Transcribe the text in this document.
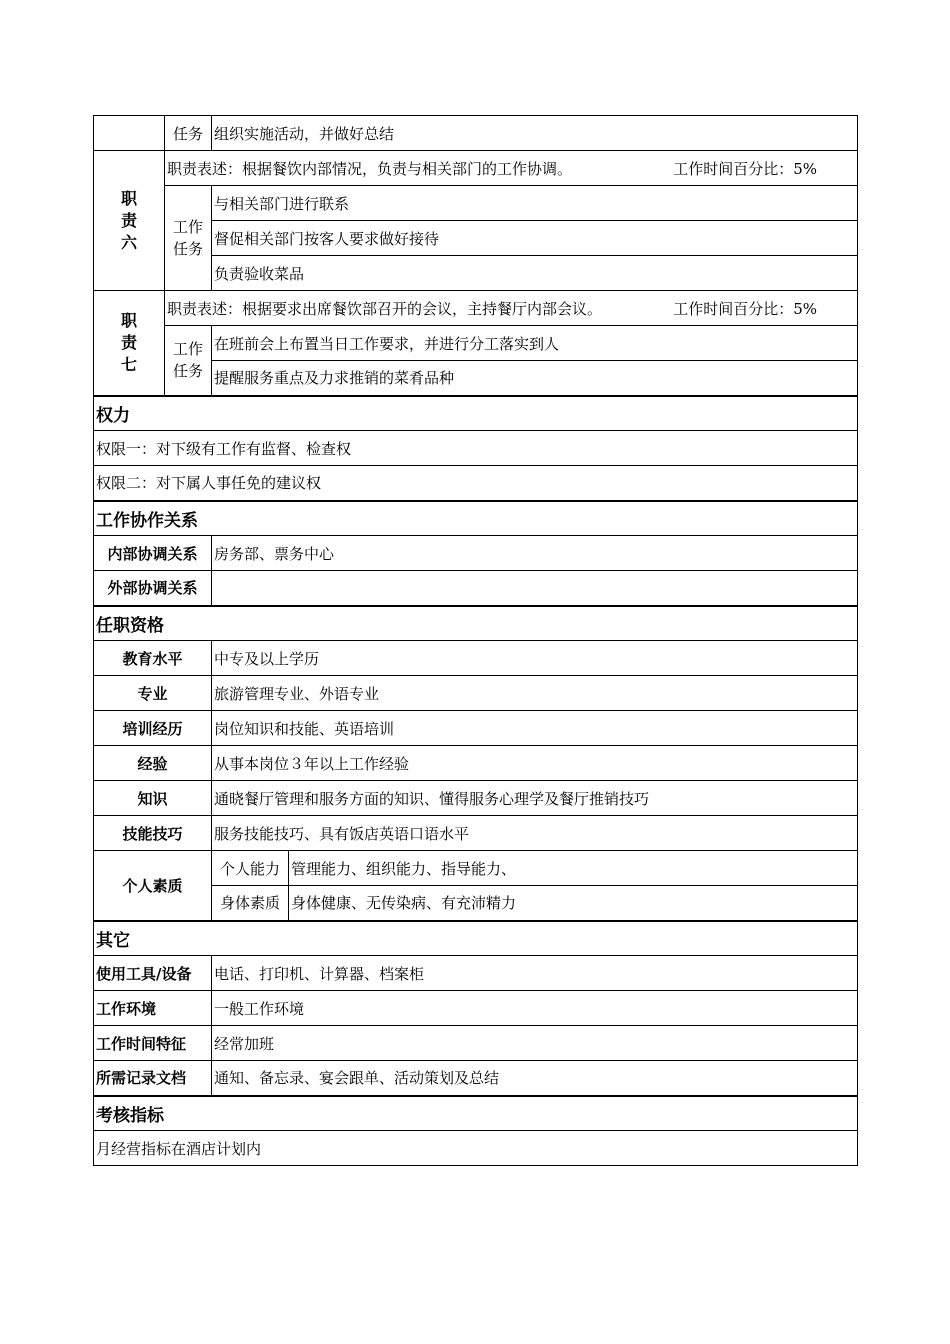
	任务	组织实施活动，并做好总结	

职
责
六	职责表述：根据餐饮内部情况，负责与相关部门的工作协调。 工作时间百分比：5%		

	工作
任务	与相关部门进行联系	
		督促相关部门按客人要求做好接待	
		负责验收菜品	

职
责
七	职责表述：根据要求出席餐饮部召开的会议，主持餐厅内部会议。 工作时间百分比：5%		

	工作
任务	在班前会上布置当日工作要求，并进行分工落实到人	
		提醒服务重点及力求推销的菜肴品种	
权力			
权限一：对下级有工作有监督、检查权			
权限二：对下属人事任免的建议权			
工作协作关系			
内部协调关系		房务部、票务中心	
外部协调关系			
任职资格			
教育水平		中专及以上学历	
专业		旅游管理专业、外语专业	
培训经历		岗位知识和技能、英语培训	
经验		从事本岗位３年以上工作经验	
知识		通晓餐厅管理和服务方面的知识、懂得服务心理学及餐厅推销技巧	
技能技巧		服务技能技巧、具有饭店英语口语水平	
个人素质		个人能力	管理能力、组织能力、指导能力、
		身体素质	身体健康、无传染病、有充沛精力
其它			
使用工具/设备		电话、打印机、计算器、档案柜	
工作环境		一般工作环境	
工作时间特征		经常加班	
所需记录文档		通知、备忘录、宴会跟单、活动策划及总结	
考核指标			
月经营指标在酒店计划内			
